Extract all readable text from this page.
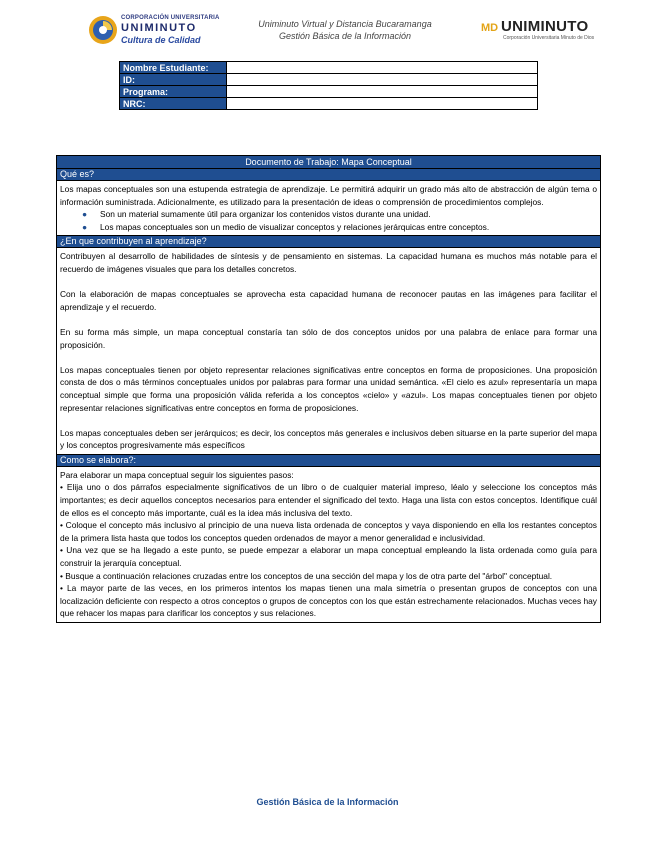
CORPORACIÓN UNIVERSITARIA
UNIMINUTO
Cultura de Calidad
Uniminuto Virtual y Distancia Bucaramanga
Gestión Básica de la Información
MD UNIMINUTO
Corporación Universitaria Minuto de Dios
Nombre Estudiante:	
ID:	
Programa:	
NRC:	
Documento de Trabajo: Mapa Conceptual
Qué es?

Los mapas conceptuales son una estupenda estrategia de aprendizaje. Le permitirá adquirir un grado más alto de abstracción de algún tema o información suministrada. Adicionalmente, es utilizado para la presentación de ideas o comprensión de procedimientos complejos.

● Son un material sumamente útil para organizar los contenidos vistos durante una unidad.
● Los mapas conceptuales son un medio de visualizar conceptos y relaciones jerárquicas entre conceptos.
¿En que contribuyen al aprendizaje?

Contribuyen al desarrollo de habilidades de síntesis y de pensamiento en sistemas. La capacidad humana es muchos más notable para el recuerdo de imágenes visuales que para los detalles concretos.

Con la elaboración de mapas conceptuales se aprovecha esta capacidad humana de reconocer pautas en las imágenes para facilitar el aprendizaje y el recuerdo.

En su forma más simple, un mapa conceptual constaría tan sólo de dos conceptos unidos por una palabra de enlace para formar una proposición.

Los mapas conceptuales tienen por objeto representar relaciones significativas entre conceptos en forma de proposiciones. Una proposición consta de dos o más términos conceptuales unidos por palabras para formar una unidad semántica. «El cielo es azul» representaría un mapa conceptual simple que forma una proposición válida referida a los conceptos «cielo» y «azul». Los mapas conceptuales tienen por objeto representar relaciones significativas entre conceptos en forma de proposiciones.

Los mapas conceptuales deben ser jerárquicos; es decir, los conceptos más generales e inclusivos deben situarse en la parte superior del mapa y los conceptos progresivamente más específicos

Como se elabora?:

Para elaborar un mapa conceptual seguir los siguientes pasos:

• Elija uno o dos párrafos especialmente significativos de un libro o de cualquier material impreso, léalo y seleccione los conceptos más importantes; es decir aquellos conceptos necesarios para entender el significado del texto. Haga una lista con estos conceptos. Identifique cuál de ellos es el concepto más importante, cuál es la idea más inclusiva del texto.

• Coloque el concepto más inclusivo al principio de una nueva lista ordenada de conceptos y vaya disponiendo en ella los restantes conceptos de la primera lista hasta que todos los conceptos queden ordenados de mayor a menor generalidad e inclusividad.

• Una vez que se ha llegado a este punto, se puede empezar a elaborar un mapa conceptual empleando la lista ordenada como guía para construir la jerarquía conceptual.

• Busque a continuación relaciones cruzadas entre los conceptos de una sección del mapa y los de otra parte del "árbol" conceptual.

• La mayor parte de las veces, en los primeros intentos los mapas tienen una mala simetría o presentan grupos de conceptos con una localización deficiente con respecto a otros conceptos o grupos de conceptos con los que están estrechamente relacionados. Muchas veces hay que rehacer los mapas para clarificar los conceptos y sus relaciones.

Gestión Básica de la Información
